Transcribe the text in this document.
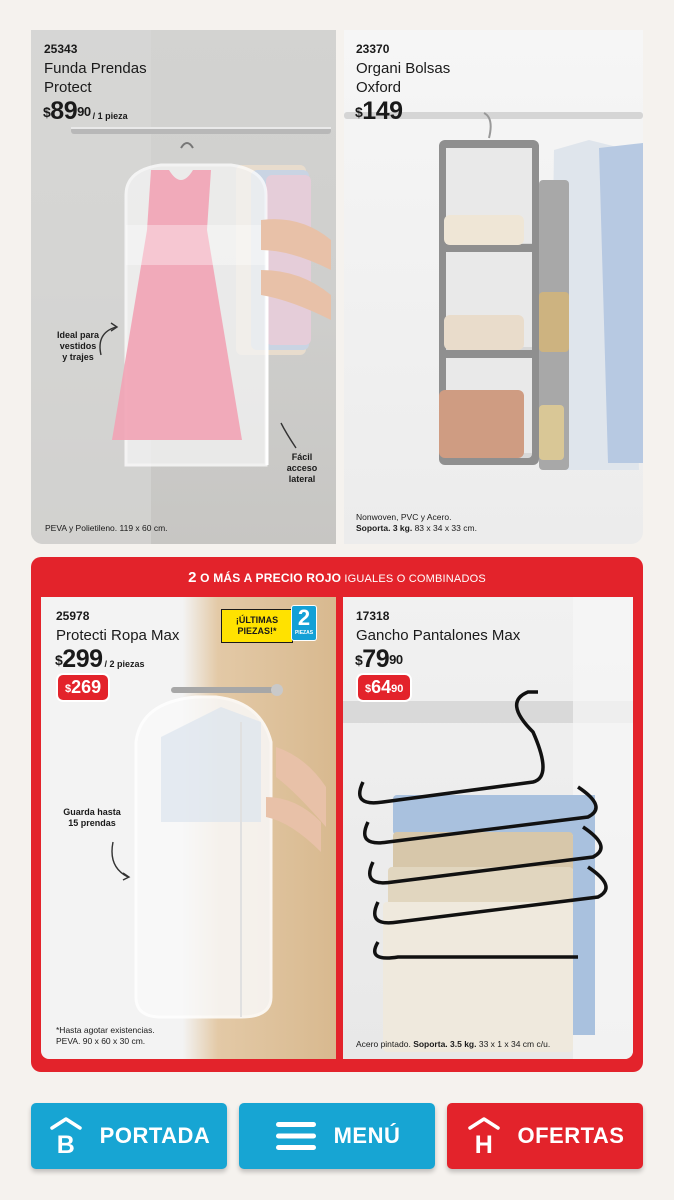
25343
Funda Prendas
Protect
$^{\$}89^{90} / 1$ pieza
Ideal para
vestidos
y trajes
Fácil
acceso
lateral
PEVA y Polietileno. 119 x 60 cm.
23370
Organi Bolsas
Oxford
$149
Nonwoven, PVC y Acero.
Soporta. 3 kg. 83 x 34 x 33 cm.
2 O MÁS A PRECIO ROJO IGUALES O COMBINADOS
25978
Protecti Ropa Max
$299 / 2 piezas
$269
¡ÚLTIMAS
PIEZAS!*
2
PIEZAS
Guarda hasta
15 prendas
*Hasta agotar existencias.
PEVA. 90 x 60 x 30 cm.
17318
Gancho Pantalones Max
$^{\$}79^{90}$
$^{\$}64^{90}$
Acero pintado. Soporta. 3.5 kg. 33 x 1 x 34 cm c/u.
B PORTADA	MENÚ	H OFERTAS
